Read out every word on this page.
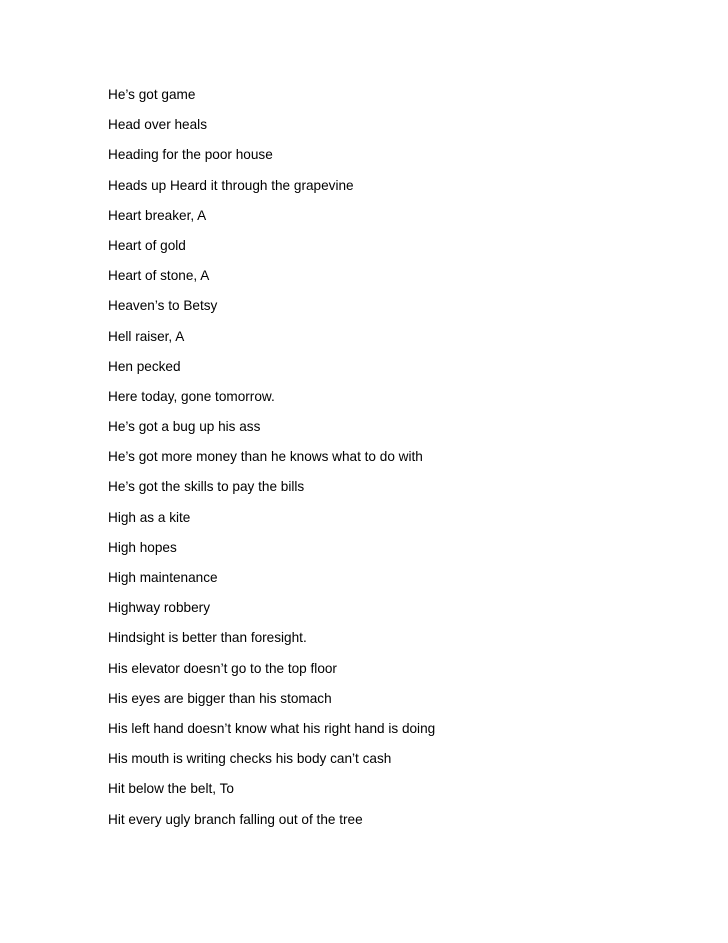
He’s got game
Head over heals
Heading for the poor house
Heads up Heard it through the grapevine
Heart breaker, A
Heart of gold
Heart of stone, A
Heaven’s to Betsy
Hell raiser, A
Hen pecked
Here today, gone tomorrow.
He’s got a bug up his ass
He’s got more money than he knows what to do with
He’s got the skills to pay the bills
High as a kite
High hopes
High maintenance
Highway robbery
Hindsight is better than foresight.
His elevator doesn’t go to the top floor
His eyes are bigger than his stomach
His left hand doesn’t know what his right hand is doing
His mouth is writing checks his body can’t cash
Hit below the belt, To
Hit every ugly branch falling out of the tree
